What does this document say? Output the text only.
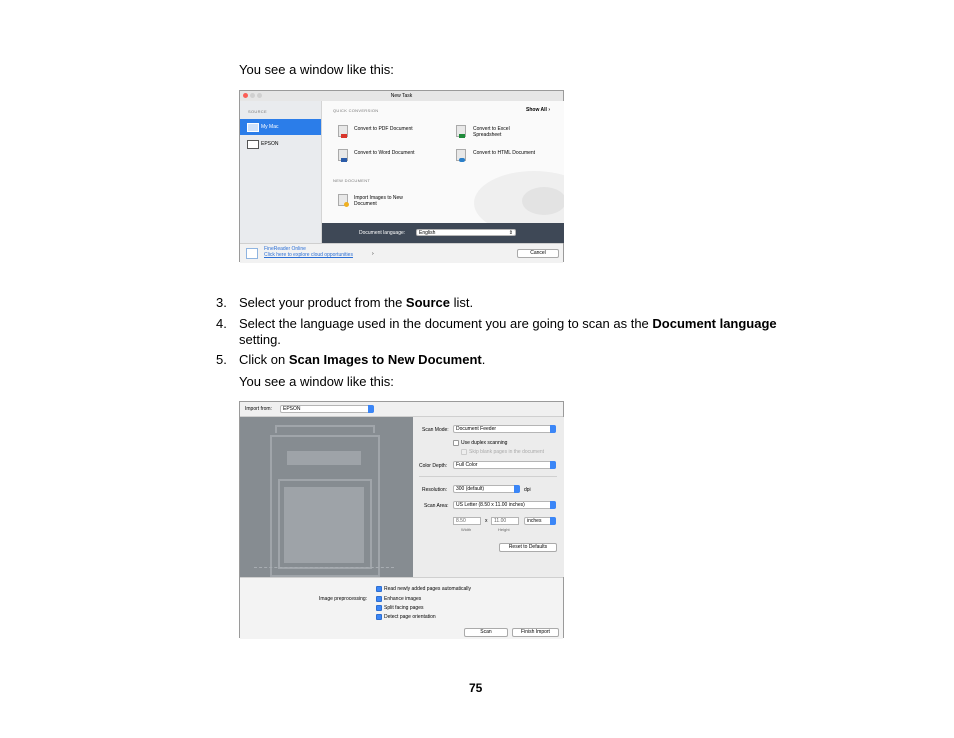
You see a window like this:
New Task
SOURCE
My Mac
EPSON
QUICK CONVERSION	Show All ›
Convert to PDF Document	Convert to Excel Spreadsheet
Convert to Word Document	Convert to HTML Document
NEW DOCUMENT
Import Images to New Document
Document language:	English	⇕
FineReader Online
Click here to explore cloud opportunities	›	Cancel
3. Select your product from the Source list.
4. Select the language used in the document you are going to scan as the Document language
setting.
5. Click on Scan Images to New Document.
You see a window like this:
Import from:	EPSON
Scan Mode:	Document Feeder
Use duplex scanning
Skip blank pages in the document
Color Depth:	Full Color
Resolution:	300 (default)	dpi
Scan Area:	US Letter (8.50 x 11.00 inches)
8.50	x	11.00	inches
Width	Height
Reset to Defaults
Read newly added pages automatically
Image preprocessing:	Enhance images
Split facing pages
Detect page orientation
Scan	Finish Import
75
